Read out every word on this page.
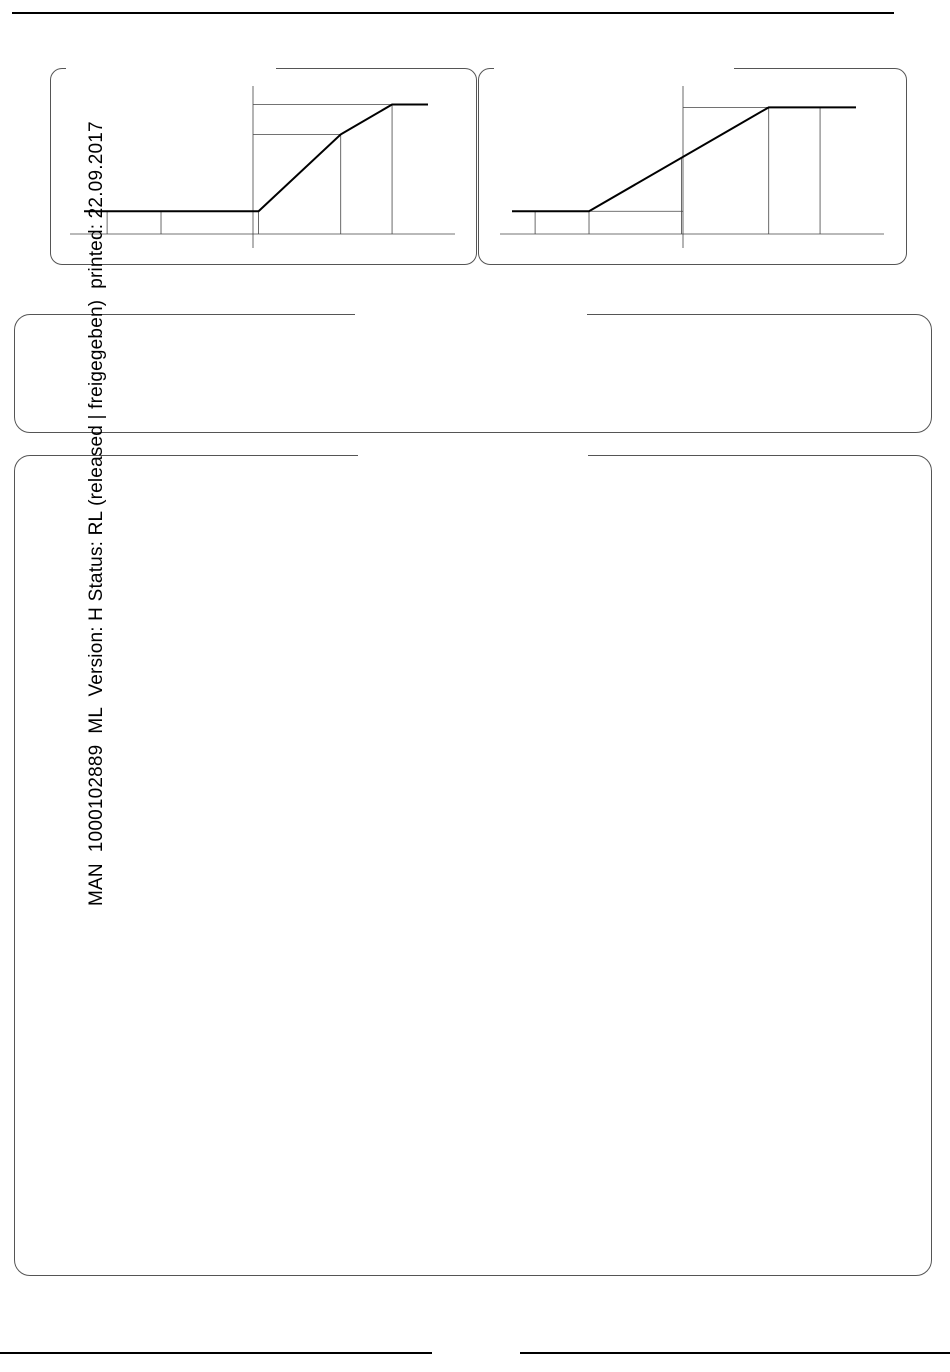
MAN  1000102889  ML  Version: H Status: RL (released | freigegeben)  printed: 22.09.2017
